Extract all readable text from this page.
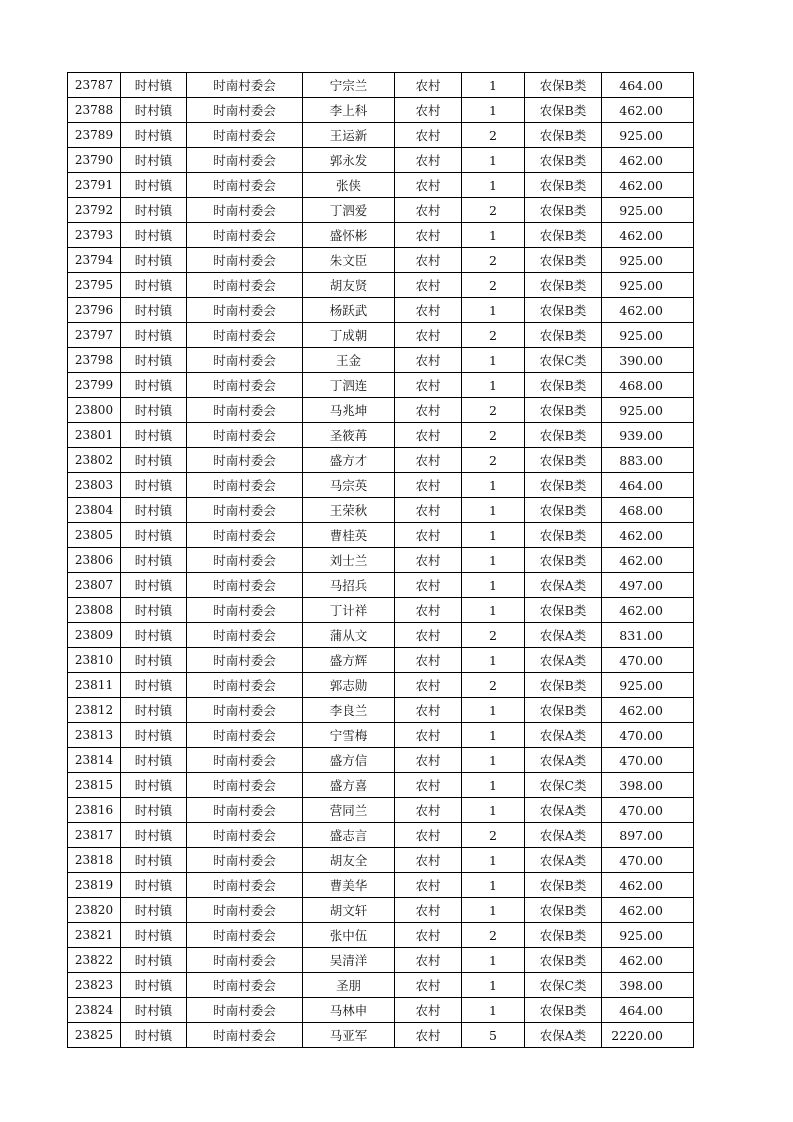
23787	时村镇	时南村委会	宁宗兰	农村	1	农保B类	464.00
23788	时村镇	时南村委会	李上科	农村	1	农保B类	462.00
23789	时村镇	时南村委会	王运新	农村	2	农保B类	925.00
23790	时村镇	时南村委会	郭永发	农村	1	农保B类	462.00
23791	时村镇	时南村委会	张侠	农村	1	农保B类	462.00
23792	时村镇	时南村委会	丁泗爱	农村	2	农保B类	925.00
23793	时村镇	时南村委会	盛怀彬	农村	1	农保B类	462.00
23794	时村镇	时南村委会	朱文臣	农村	2	农保B类	925.00
23795	时村镇	时南村委会	胡友贤	农村	2	农保B类	925.00
23796	时村镇	时南村委会	杨跃武	农村	1	农保B类	462.00
23797	时村镇	时南村委会	丁成朝	农村	2	农保B类	925.00
23798	时村镇	时南村委会	王金	农村	1	农保C类	390.00
23799	时村镇	时南村委会	丁泗连	农村	1	农保B类	468.00
23800	时村镇	时南村委会	马兆坤	农村	2	农保B类	925.00
23801	时村镇	时南村委会	圣筱苒	农村	2	农保B类	939.00
23802	时村镇	时南村委会	盛方才	农村	2	农保B类	883.00
23803	时村镇	时南村委会	马宗英	农村	1	农保B类	464.00
23804	时村镇	时南村委会	王荣秋	农村	1	农保B类	468.00
23805	时村镇	时南村委会	曹桂英	农村	1	农保B类	462.00
23806	时村镇	时南村委会	刘士兰	农村	1	农保B类	462.00
23807	时村镇	时南村委会	马招兵	农村	1	农保A类	497.00
23808	时村镇	时南村委会	丁计祥	农村	1	农保B类	462.00
23809	时村镇	时南村委会	蒲从文	农村	2	农保A类	831.00
23810	时村镇	时南村委会	盛方辉	农村	1	农保A类	470.00
23811	时村镇	时南村委会	郭志勋	农村	2	农保B类	925.00
23812	时村镇	时南村委会	李良兰	农村	1	农保B类	462.00
23813	时村镇	时南村委会	宁雪梅	农村	1	农保A类	470.00
23814	时村镇	时南村委会	盛方信	农村	1	农保A类	470.00
23815	时村镇	时南村委会	盛方喜	农村	1	农保C类	398.00
23816	时村镇	时南村委会	营同兰	农村	1	农保A类	470.00
23817	时村镇	时南村委会	盛志言	农村	2	农保A类	897.00
23818	时村镇	时南村委会	胡友全	农村	1	农保A类	470.00
23819	时村镇	时南村委会	曹美华	农村	1	农保B类	462.00
23820	时村镇	时南村委会	胡文轩	农村	1	农保B类	462.00
23821	时村镇	时南村委会	张中伍	农村	2	农保B类	925.00
23822	时村镇	时南村委会	吴清洋	农村	1	农保B类	462.00
23823	时村镇	时南村委会	圣朋	农村	1	农保C类	398.00
23824	时村镇	时南村委会	马林申	农村	1	农保B类	464.00
23825	时村镇	时南村委会	马亚军	农村	5	农保A类	2220.00
